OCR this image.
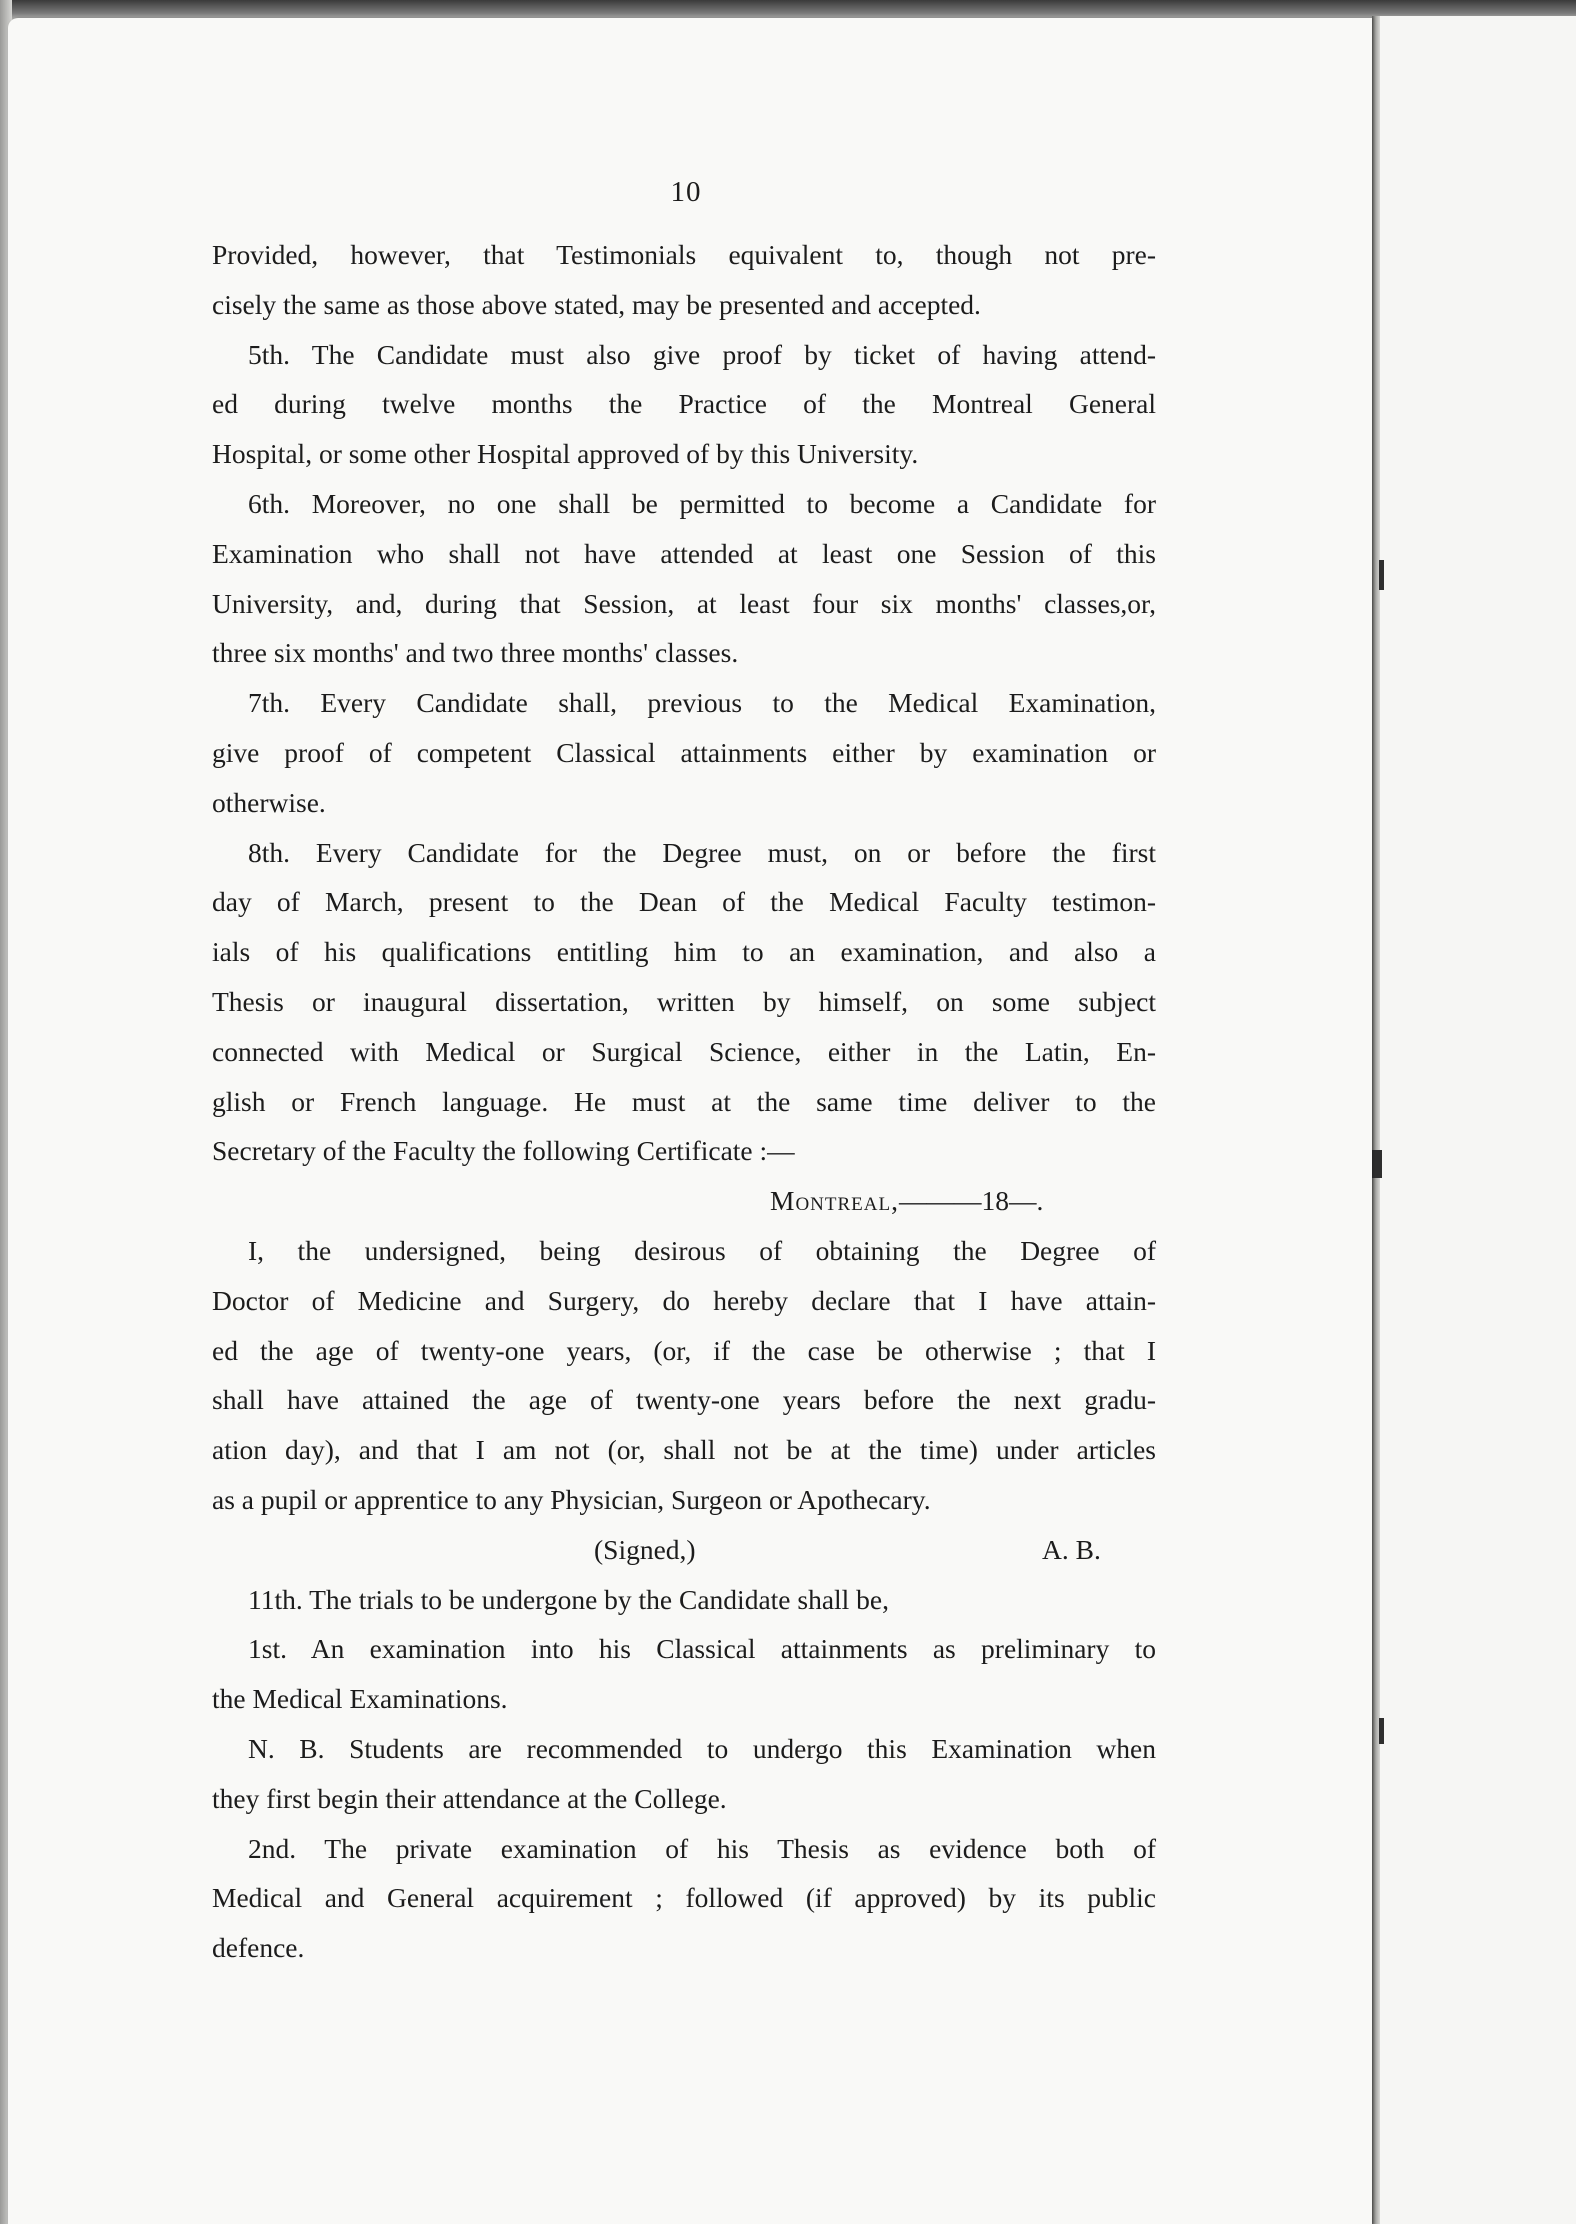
10
Provided, however, that Testimonials equivalent to, though not pre-
cisely the same as those above stated, may be presented and accepted.
5th. The Candidate must also give proof by ticket of having attend-
ed during twelve months the Practice of the Montreal General
Hospital, or some other Hospital approved of by this University.
6th. Moreover, no one shall be permitted to become a Candidate for
Examination who shall not have attended at least one Session of this
University, and, during that Session, at least four six months' classes,or,
three six months' and two three months' classes.
7th. Every Candidate shall, previous to the Medical Examination,
give proof of competent Classical attainments either by examination or
otherwise.
8th. Every Candidate for the Degree must, on or before the first
day of March, present to the Dean of the Medical Faculty testimon-
ials of his qualifications entitling him to an examination, and also a
Thesis or inaugural dissertation, written by himself, on some subject
connected with Medical or Surgical Science, either in the Latin, En-
glish or French language. He must at the same time deliver to the
Secretary of the Faculty the following Certificate :—
Montreal,———18—.
I, the undersigned, being desirous of obtaining the Degree of
Doctor of Medicine and Surgery, do hereby declare that I have attain-
ed the age of twenty-one years, (or, if the case be otherwise ; that I
shall have attained the age of twenty-one years before the next gradu-
ation day), and that I am not (or, shall not be at the time) under articles
as a pupil or apprentice to any Physician, Surgeon or Apothecary.
(Signed,)	A. B.
11th. The trials to be undergone by the Candidate shall be,
1st. An examination into his Classical attainments as preliminary to
the Medical Examinations.
N. B. Students are recommended to undergo this Examination when
they first begin their attendance at the College.
2nd. The private examination of his Thesis as evidence both of
Medical and General acquirement ; followed (if approved) by its public
defence.
